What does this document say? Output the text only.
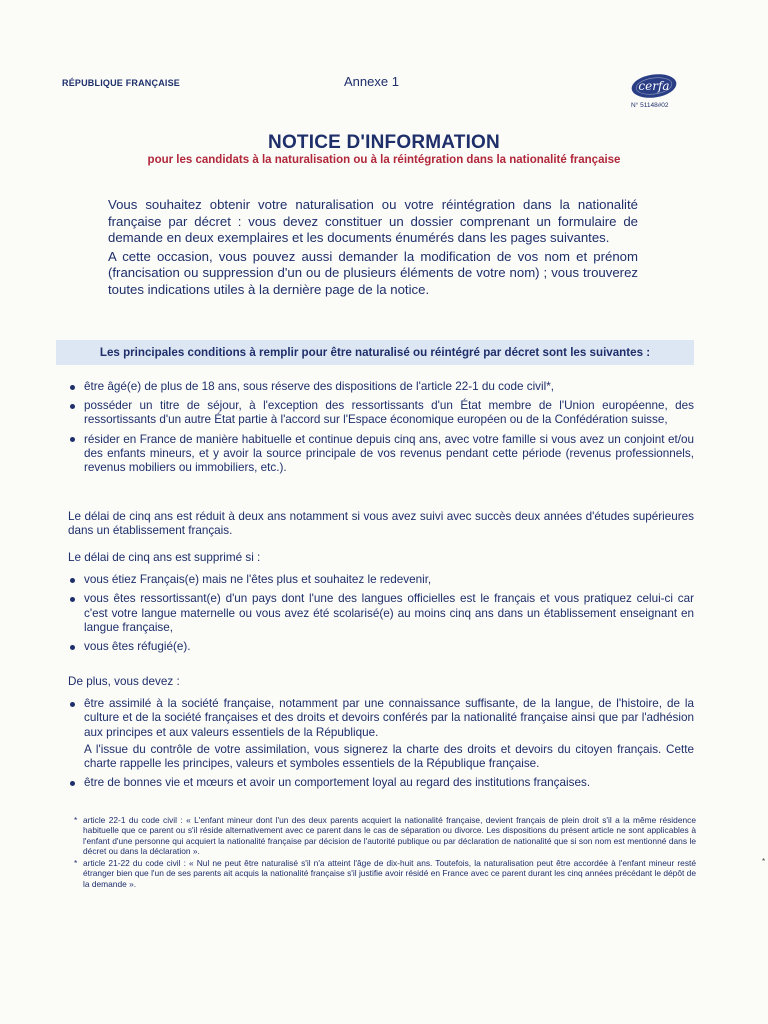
RÉPUBLIQUE FRANÇAISE	Annexe 1	cerfa
N° 51148#02
NOTICE D'INFORMATION
pour les candidats à la naturalisation ou à la réintégration dans la nationalité française

Vous souhaitez obtenir votre naturalisation ou votre réintégration dans la nationalité française par décret : vous devez constituer un dossier comprenant un formulaire de demande en deux exemplaires et les documents énumérés dans les pages suivantes.

A cette occasion, vous pouvez aussi demander la modification de vos nom et prénom (francisation ou suppression d'un ou de plusieurs éléments de votre nom) ; vous trouverez toutes indications utiles à la dernière page de la notice.

Les principales conditions à remplir pour être naturalisé ou réintégré par décret sont les suivantes :
être âgé(e) de plus de 18 ans, sous réserve des dispositions de l'article 22-1 du code civil*,
posséder un titre de séjour, à l'exception des ressortissants d'un État membre de l'Union européenne, des ressortissants d'un autre État partie à l'accord sur l'Espace économique européen ou de la Confédération suisse,
résider en France de manière habituelle et continue depuis cinq ans, avec votre famille si vous avez un conjoint et/ou des enfants mineurs, et y avoir la source principale de vos revenus pendant cette période (revenus professionnels, revenus mobiliers ou immobiliers, etc.).

Le délai de cinq ans est réduit à deux ans notamment si vous avez suivi avec succès deux années d'études supérieures dans un établissement français.

Le délai de cinq ans est supprimé si :

vous étiez Français(e) mais ne l'êtes plus et souhaitez le redevenir,
vous êtes ressortissant(e) d'un pays dont l'une des langues officielles est le français et vous pratiquez celui-ci car c'est votre langue maternelle ou vous avez été scolarisé(e) au moins cinq ans dans un établissement enseignant en langue française,
vous êtes réfugié(e).

De plus, vous devez :

être assimilé à la société française, notamment par une connaissance suffisante, de la langue, de l'histoire, de la culture et de la société françaises et des droits et devoirs conférés par la nationalité française ainsi que par l'adhésion aux principes et aux valeurs essentiels de la République.
A l'issue du contrôle de votre assimilation, vous signerez la charte des droits et devoirs du citoyen français. Cette charte rappelle les principes, valeurs et symboles essentiels de la République française.
être de bonnes vie et mœurs et avoir un comportement loyal au regard des institutions françaises.
* article 22-1 du code civil : « L'enfant mineur dont l'un des deux parents acquiert la nationalité française, devient français de plein droit s'il a la même résidence habituelle que ce parent ou s'il réside alternativement avec ce parent dans le cas de séparation ou divorce. Les dispositions du présent article ne sont applicables à l'enfant d'une personne qui acquiert la nationalité française par décision de l'autorité publique ou par déclaration de nationalité que si son nom est mentionné dans le décret ou dans la déclaration ».
* article 21-22 du code civil : « Nul ne peut être naturalisé s'il n'a atteint l'âge de dix-huit ans. Toutefois, la naturalisation peut être accordée à l'enfant mineur resté étranger bien que l'un de ses parents ait acquis la nationalité française s'il justifie avoir résidé en France avec ce parent durant les cinq années précédant le dépôt de la demande ».
*
